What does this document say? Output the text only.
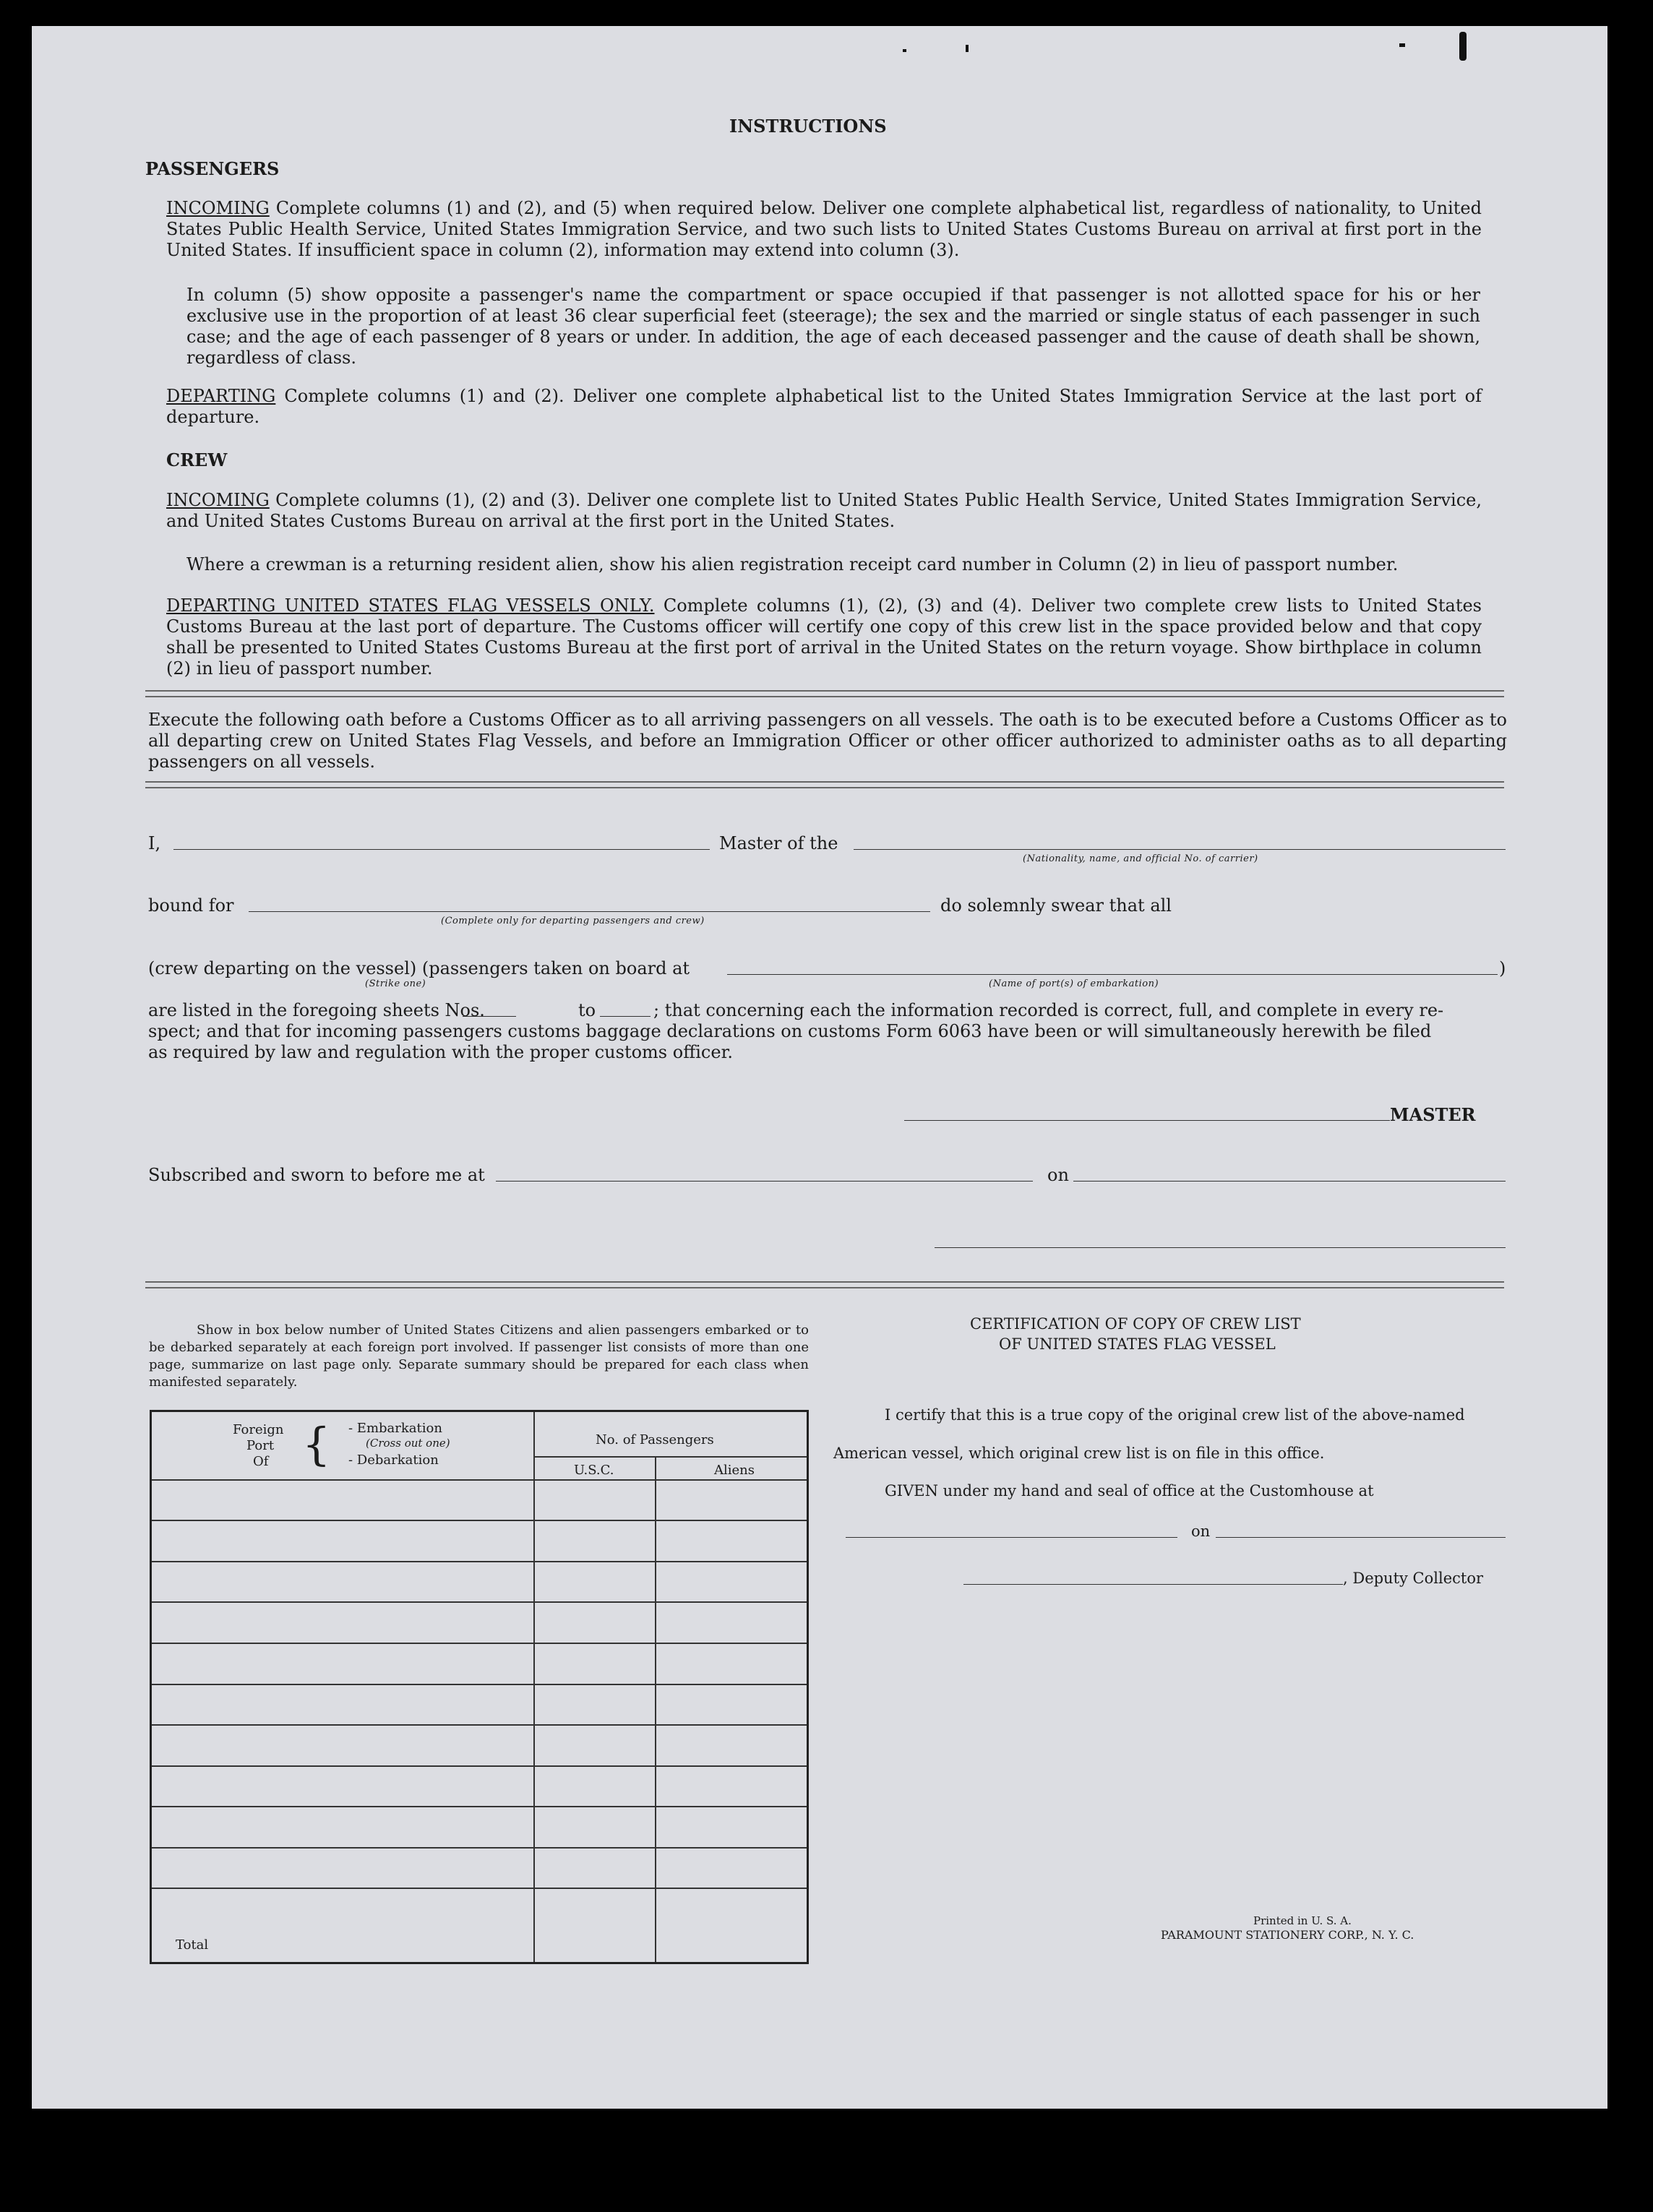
INSTRUCTIONS
PASSENGERS
INCOMING Complete columns (1) and (2), and (5) when required below. Deliver one complete alphabetical list, regardless of nationality, to United States Public Health Service, United States Immigration Service, and two such lists to United States Customs Bureau on arrival at first port in the United States. If insufficient space in column (2), information may extend into column (3).
In column (5) show opposite a passenger's name the compartment or space occupied if that passenger is not allotted space for his or her exclusive use in the proportion of at least 36 clear superficial feet (steerage); the sex and the married or single status of each passenger in such case; and the age of each passenger of 8 years or under. In addition, the age of each deceased passenger and the cause of death shall be shown, regardless of class.
DEPARTING Complete columns (1) and (2). Deliver one complete alphabetical list to the United States Immigration Service at the last port of departure.
CREW
INCOMING Complete columns (1), (2) and (3). Deliver one complete list to United States Public Health Service, United States Immigration Service, and United States Customs Bureau on arrival at the first port in the United States.
Where a crewman is a returning resident alien, show his alien registration receipt card number in Column (2) in lieu of passport number.
DEPARTING UNITED STATES FLAG VESSELS ONLY. Complete columns (1), (2), (3) and (4). Deliver two complete crew lists to United States Customs Bureau at the last port of departure. The Customs officer will certify one copy of this crew list in the space provided below and that copy shall be presented to United States Customs Bureau at the first port of arrival in the United States on the return voyage. Show birthplace in column (2) in lieu of passport number.
Execute the following oath before a Customs Officer as to all arriving passengers on all vessels. The oath is to be executed before a Customs Officer as to all departing crew on United States Flag Vessels, and before an Immigration Officer or other officer authorized to administer oaths as to all departing passengers on all vessels.
I,	Master of the
(Nationality, name, and official No. of carrier)
bound for
(Complete only for departing passengers and crew)
do solemnly swear that all
(crew departing on the vessel) (passengers taken on board at	)
(Strike one)	(Name of port(s) of embarkation)
are listed in the foregoing sheets Nos.	to	; that concerning each the information recorded is correct, full, and complete in every re-
spect; and that for incoming passengers customs baggage declarations on customs Form 6063 have been or will simultaneously herewith be filed
as required by law and regulation with the proper customs officer.
MASTER
Subscribed and sworn to before me at	on
Show in box below number of United States Citizens and alien passengers embarked or to be debarked separately at each foreign port involved. If passenger list consists of more than one page, summarize on last page only. Separate summary should be prepared for each class when manifested separately.
Foreign
Port
Of { - Embarkation
(Cross out one)
- Debarkation
No. of Passengers
U.S.C.	Aliens
Total
CERTIFICATION OF COPY OF CREW LIST
OF UNITED STATES FLAG VESSEL
I certify that this is a true copy of the original crew list of the above-named
American vessel, which original crew list is on file in this office.
GIVEN under my hand and seal of office at the Customhouse at
on
, Deputy Collector
Printed in U. S. A.
PARAMOUNT STATIONERY CORP., N. Y. C.
